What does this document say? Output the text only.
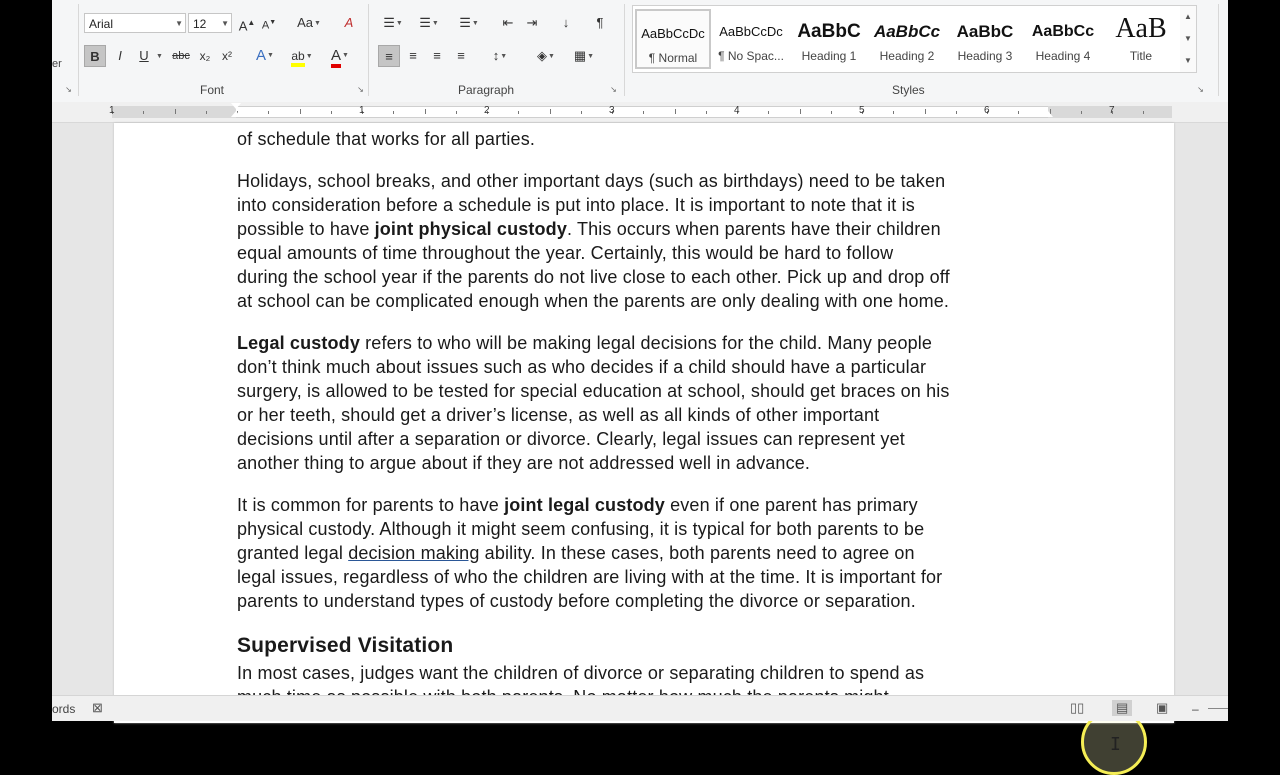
er
Arial	▼ 12 ▼ A▲ A▼	Aa▼	A
B	I	U	▼ abc x₂ x²	A▼	ab▼	A▼
Font
↘	↘
☰▼	☰▼	☰▼	⇤	⇥	↓	¶
≡	≡	≡	≡	↕▼	◈▼	▦▼
Paragraph	↘
AaBbCcDc
¶ Normal
AaBbCcDc
¶ No Spac...
AaBbC
Heading 1
AaBbCc
Heading 2
AaBbC
Heading 3
AaBbCc
Heading 4
AaB
Title
▲
▼
▼
Styles	↘
1	1	2	3	4	5	6	7
of schedule that works for all parties.
Holidays, school breaks, and other important days (such as birthdays) need to be taken
into consideration before a schedule is put into place. It is important to note that it is
possible to have joint physical custody. This occurs when parents have their children
equal amounts of time throughout the year. Certainly, this would be hard to follow
during the school year if the parents do not live close to each other. Pick up and drop off
at school can be complicated enough when the parents are only dealing with one home.
Legal custody refers to who will be making legal decisions for the child. Many people
don’t think much about issues such as who decides if a child should have a particular
surgery, is allowed to be tested for special education at school, should get braces on his
or her teeth, should get a driver’s license, as well as all kinds of other important
decisions until after a separation or divorce. Clearly, legal issues can represent yet
another thing to argue about if they are not addressed well in advance.
It is common for parents to have joint legal custody even if one parent has primary
physical custody. Although it might seem confusing, it is typical for both parents to be
granted legal decision making ability. In these cases, both parents need to agree on
legal issues, regardless of who the children are living with at the time. It is important for
parents to understand types of custody before completing the divorce or separation.
Supervised Visitation
In most cases, judges want the children of divorce or separating children to spend as
I
ords ⊠	▯▯	▤	▣ –
